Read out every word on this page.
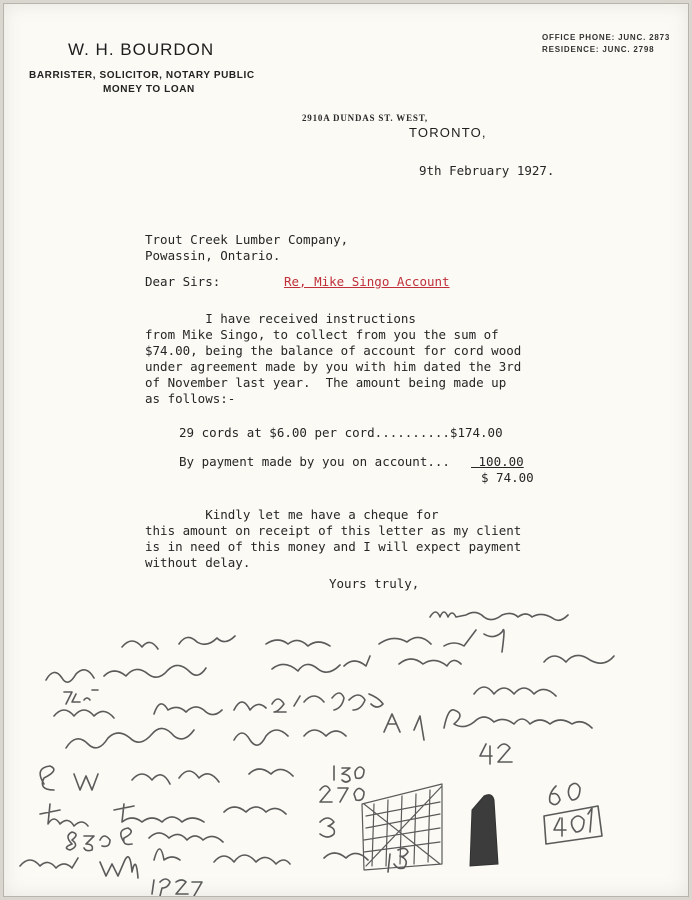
W. H. BOURDON
BARRISTER, SOLICITOR, NOTARY PUBLIC
MONEY TO LOAN
OFFICE PHONE: JUNC. 2873
RESIDENCE: JUNC. 2798
2910A DUNDAS ST. WEST,
TORONTO,
9th February 1927.
Trout Creek Lumber Company,
Powassin, Ontario.
Dear Sirs:	Re, Mike Singo Account
I have received instructions
from Mike Singo, to collect from you the sum of
$74.00, being the balance of account for cord wood
under agreement made by you with him dated the 3rd
of November last year.  The amount being made up
as follows:-
29 cords at $6.00 per cord..........$174.00
By payment made by you on account... 100.00
$ 74.00
Kindly let me have a cheque for
this amount on receipt of this letter as my client
is in need of this money and I will expect payment
without delay.
Yours truly,
